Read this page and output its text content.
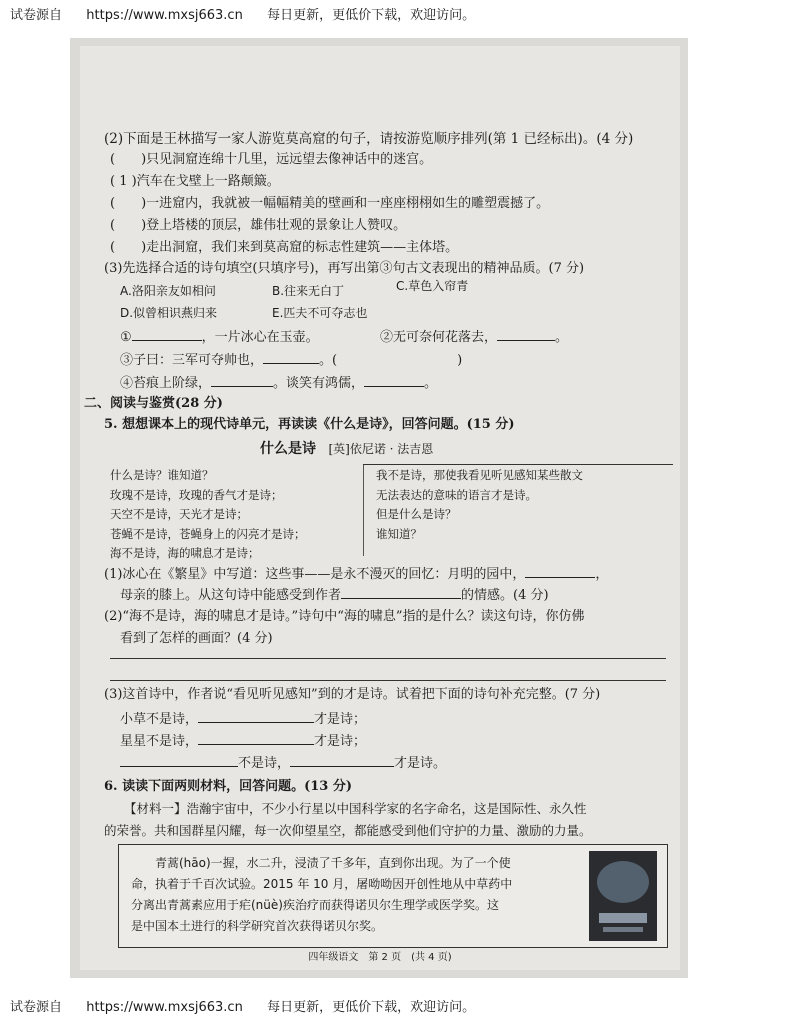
试卷源自 https://www.mxsj663.cn 每日更新，更低价下载，欢迎访问。
(2)下面是王林描写一家人游览莫高窟的句子，请按游览顺序排列(第 1 已经标出)。(4 分)
(　　)只见洞窟连绵十几里，远远望去像神话中的迷宫。
( 1 )汽车在戈壁上一路颠簸。
(　　)一进窟内，我就被一幅幅精美的壁画和一座座栩栩如生的雕塑震撼了。
(　　)登上塔楼的顶层，雄伟壮观的景象让人赞叹。
(　　)走出洞窟，我们来到莫高窟的标志性建筑——主体塔。
(3)先选择合适的诗句填空(只填序号)，再写出第③句古文表现出的精神品质。(7 分)
A.洛阳亲友如相问	B.往来无白丁	C.草色入帘青
D.似曾相识燕归来	E.匹夫不可夺志也
①	，一片冰心在玉壶。	②无可奈何花落去，	。
③子曰：三军可夺帅也，	。(	)
④苔痕上阶绿，	。谈笑有鸿儒，	。
二、阅读与鉴赏(28 分)
5. 想想课本上的现代诗单元，再读读《什么是诗》，回答问题。(15 分)
什么是诗 [英]依尼诺 · 法吉恩
什么是诗？谁知道？
玫瑰不是诗，玫瑰的香气才是诗；
天空不是诗，天光才是诗；
苍蝇不是诗，苍蝇身上的闪亮才是诗；
海不是诗，海的啸息才是诗；
我不是诗，那使我看见听见感知某些散文
无法表达的意味的语言才是诗。
但是什么是诗？
谁知道？
(1)冰心在《繁星》中写道：这些事——是永不漫灭的回忆：月明的园中，	，
母亲的膝上。从这句诗中能感受到作者	的情感。(4 分)
(2)“海不是诗，海的啸息才是诗。”诗句中“海的啸息”指的是什么？读这句诗，你仿佛
看到了怎样的画面？(4 分)
(3)这首诗中，作者说“看见听见感知”到的才是诗。试着把下面的诗句补充完整。(7 分)
小草不是诗，	才是诗；
星星不是诗，	才是诗；
不是诗，	才是诗。
6. 读读下面两则材料，回答问题。(13 分)
【材料一】浩瀚宇宙中，不少小行星以中国科学家的名字命名，这是国际性、永久性
的荣誉。共和国群星闪耀，每一次仰望星空，都能感受到他们守护的力量、激励的力量。
青蒿(hāo)一握，水二升，浸渍了千多年，直到你出现。为了一个使
命，执着于千百次试验。2015 年 10 月，屠呦呦因开创性地从中草药中
分离出青蒿素应用于疟(nüè)疾治疗而获得诺贝尔生理学或医学奖。这
是中国本土进行的科学研究首次获得诺贝尔奖。
四年级语文　第 2 页　(共 4 页)
试卷源自 https://www.mxsj663.cn 每日更新，更低价下载，欢迎访问。
